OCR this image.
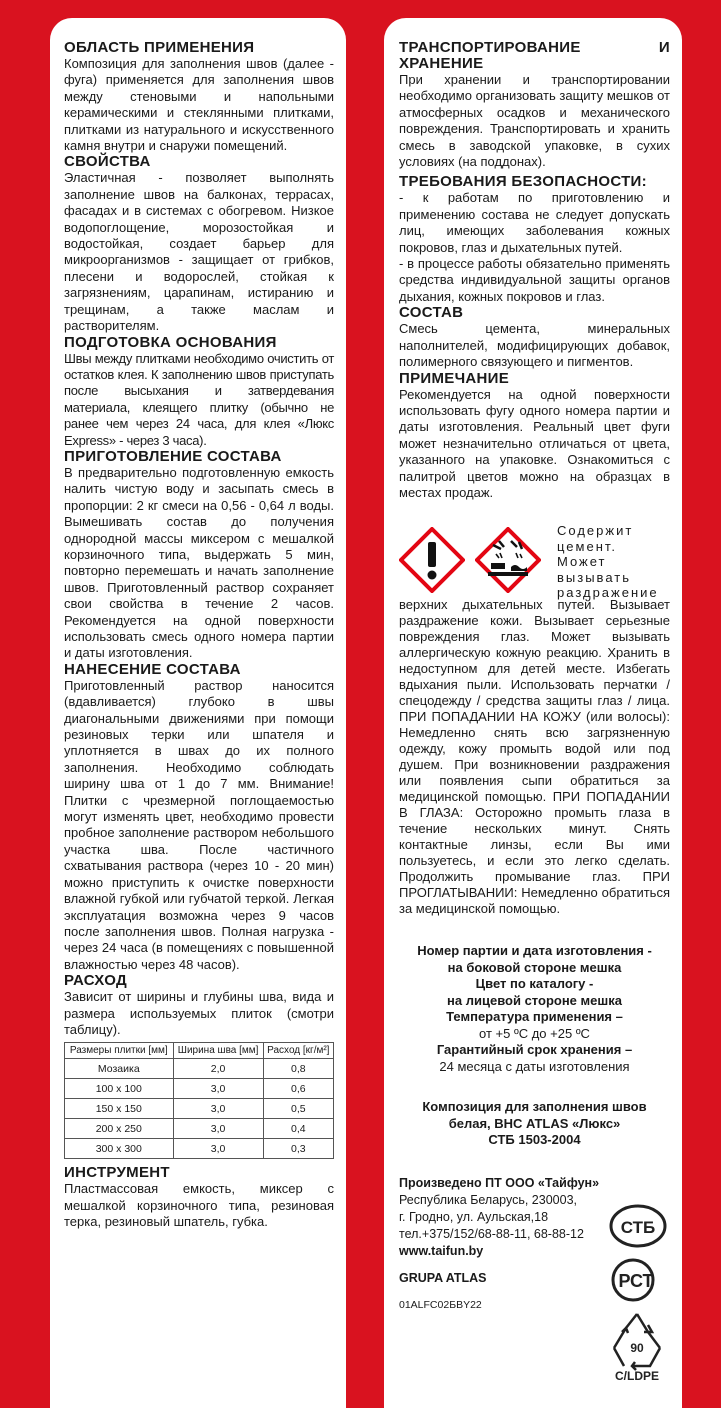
ОБЛАСТЬ ПРИМЕНЕНИЯ

Композиция для заполнения швов (далее - фуга) применяется для заполнения швов между стеновыми и напольными керамическими и стеклянными плитками, плитками из натурального и искусственного камня внутри и снаружи помещений.

СВОЙСТВА

Эластичная - позволяет выполнять заполнение швов на балконах, террасах, фасадах и в системах с обогревом. Низкое водопоглощение, морозостойкая и водостойкая, создает барьер для микроорганизмов - защищает от грибков, плесени и водорослей, стойкая к загрязнениям, царапинам, истиранию и трещинам, а также маслам и растворителям.

ПОДГОТОВКА ОСНОВАНИЯ

Швы между плитками необходимо очистить от остатков клея. К заполнению швов приступать после высыхания и затвердевания материала, клеящего плитку (обычно не ранее чем через 24 часа, для клея «Люкс Express» - через 3 часа).

ПРИГОТОВЛЕНИЕ СОСТАВА

В предварительно подготовленную емкость налить чистую воду и засыпать смесь в пропорции: 2 кг смеси на 0,56 - 0,64 л воды. Вымешивать состав до получения однородной массы миксером с мешалкой корзиночного типа, выдержать 5 мин, повторно перемешать и начать заполнение швов. Приготовленный раствор сохраняет свои свойства в течение 2 часов. Рекомендуется на одной поверхности использовать смесь одного номера партии и даты изготовления.

НАНЕСЕНИЕ СОСТАВА

Приготовленный раствор наносится (вдавливается) глубоко в швы диагональными движениями при помощи резиновых терки или шпателя и уплотняется в швах до их полного заполнения. Необходимо соблюдать ширину шва от 1 до 7 мм. Внимание! Плитки с чрезмерной поглощаемостью могут изменять цвет, необходимо провести пробное заполнение раствором небольшого участка шва. После частичного схватывания раствора (через 10 - 20 мин) можно приступить к очистке поверхности влажной губкой или губчатой теркой. Легкая эксплуатация возможна через 9 часов после заполнения швов. Полная нагрузка - через 24 часа (в помещениях с повышенной влажностью через 48 часов).

РАСХОД

Зависит от ширины и глубины шва, вида и размера используемых плиток (смотри таблицу).

Размеры плитки [мм]	Ширина шва [мм]	Расход [кг/м²]
Мозаика	2,0	0,8
100 х 100	3,0	0,6
150 х 150	3,0	0,5
200 х 250	3,0	0,4
300 х 300	3,0	0,3

ИНСТРУМЕНТ

Пластмассовая емкость, миксер с мешалкой корзиночного типа, резиновая терка, резиновый шпатель, губка.

ТРАНСПОРТИРОВАНИЕ И ХРАНЕНИЕ

При хранении и транспортировании необходимо организовать защиту мешков от атмосферных осадков и механического повреждения. Транспортировать и хранить смесь в заводской упаковке, в сухих условиях (на поддонах).

ТРЕБОВАНИЯ БЕЗОПАСНОСТИ:

- к работам по приготовлению и применению состава не следует допускать лиц, имеющих заболевания кожных покровов, глаз и дыхательных путей.

- в процессе работы обязательно применять средства индивидуальной защиты органов дыхания, кожных покровов и глаз.

СОСТАВ

Смесь цемента, минеральных наполнителей, модифицирующих добавок, полимерного связующего и пигментов.

ПРИМЕЧАНИЕ

Рекомендуется на одной поверхности использовать фугу одного номера партии и даты изготовления. Реальный цвет фуги может незначительно отличаться от цвета, указанного на упаковке. Ознакомиться с палитрой цветов можно на образцах в местах продаж.

Содержит цемент. Может вызывать раздражение

верхних дыхательных путей. Вызывает раздражение кожи. Вызывает серьезные повреждения глаз. Может вызывать аллергическую кожную реакцию. Хранить в недоступном для детей месте. Избегать вдыхания пыли. Использовать перчатки / спецодежду / средства защиты глаз / лица. ПРИ ПОПАДАНИИ НА КОЖУ (или волосы): Немедленно снять всю загрязненную одежду, кожу промыть водой или под душем. При возникновении раздражения или появления сыпи обратиться за медицинской помощью. ПРИ ПОПАДАНИИ В ГЛАЗА: Осторожно промыть глаза в течение нескольких минут. Снять контактные линзы, если Вы ими пользуетесь, и если это легко сделать. Продолжить промывание глаз. ПРИ ПРОГЛАТЫВАНИИ: Немедленно обратиться за медицинской помощью.

Номер партии и дата изготовления -

на боковой стороне мешка

Цвет по каталогу -

на лицевой стороне мешка

Температура применения –

от +5 ºС до +25 ºС

Гарантийный срок хранения –

24 месяца с даты изготовления

Композиция для заполнения швов

белая, ВНС ATLAS «Люкс»

СТБ 1503-2004

Произведено ПТ ООО «Тайфун»
Республика Беларусь, 230003,
г. Гродно, ул. Аульская,18
тел.+375/152/68-88-11, 68-88-12
www.taifun.by
GRUPA ATLAS
01ALFC02БBY22
СТБ
РСТ
90
C/LDPE
